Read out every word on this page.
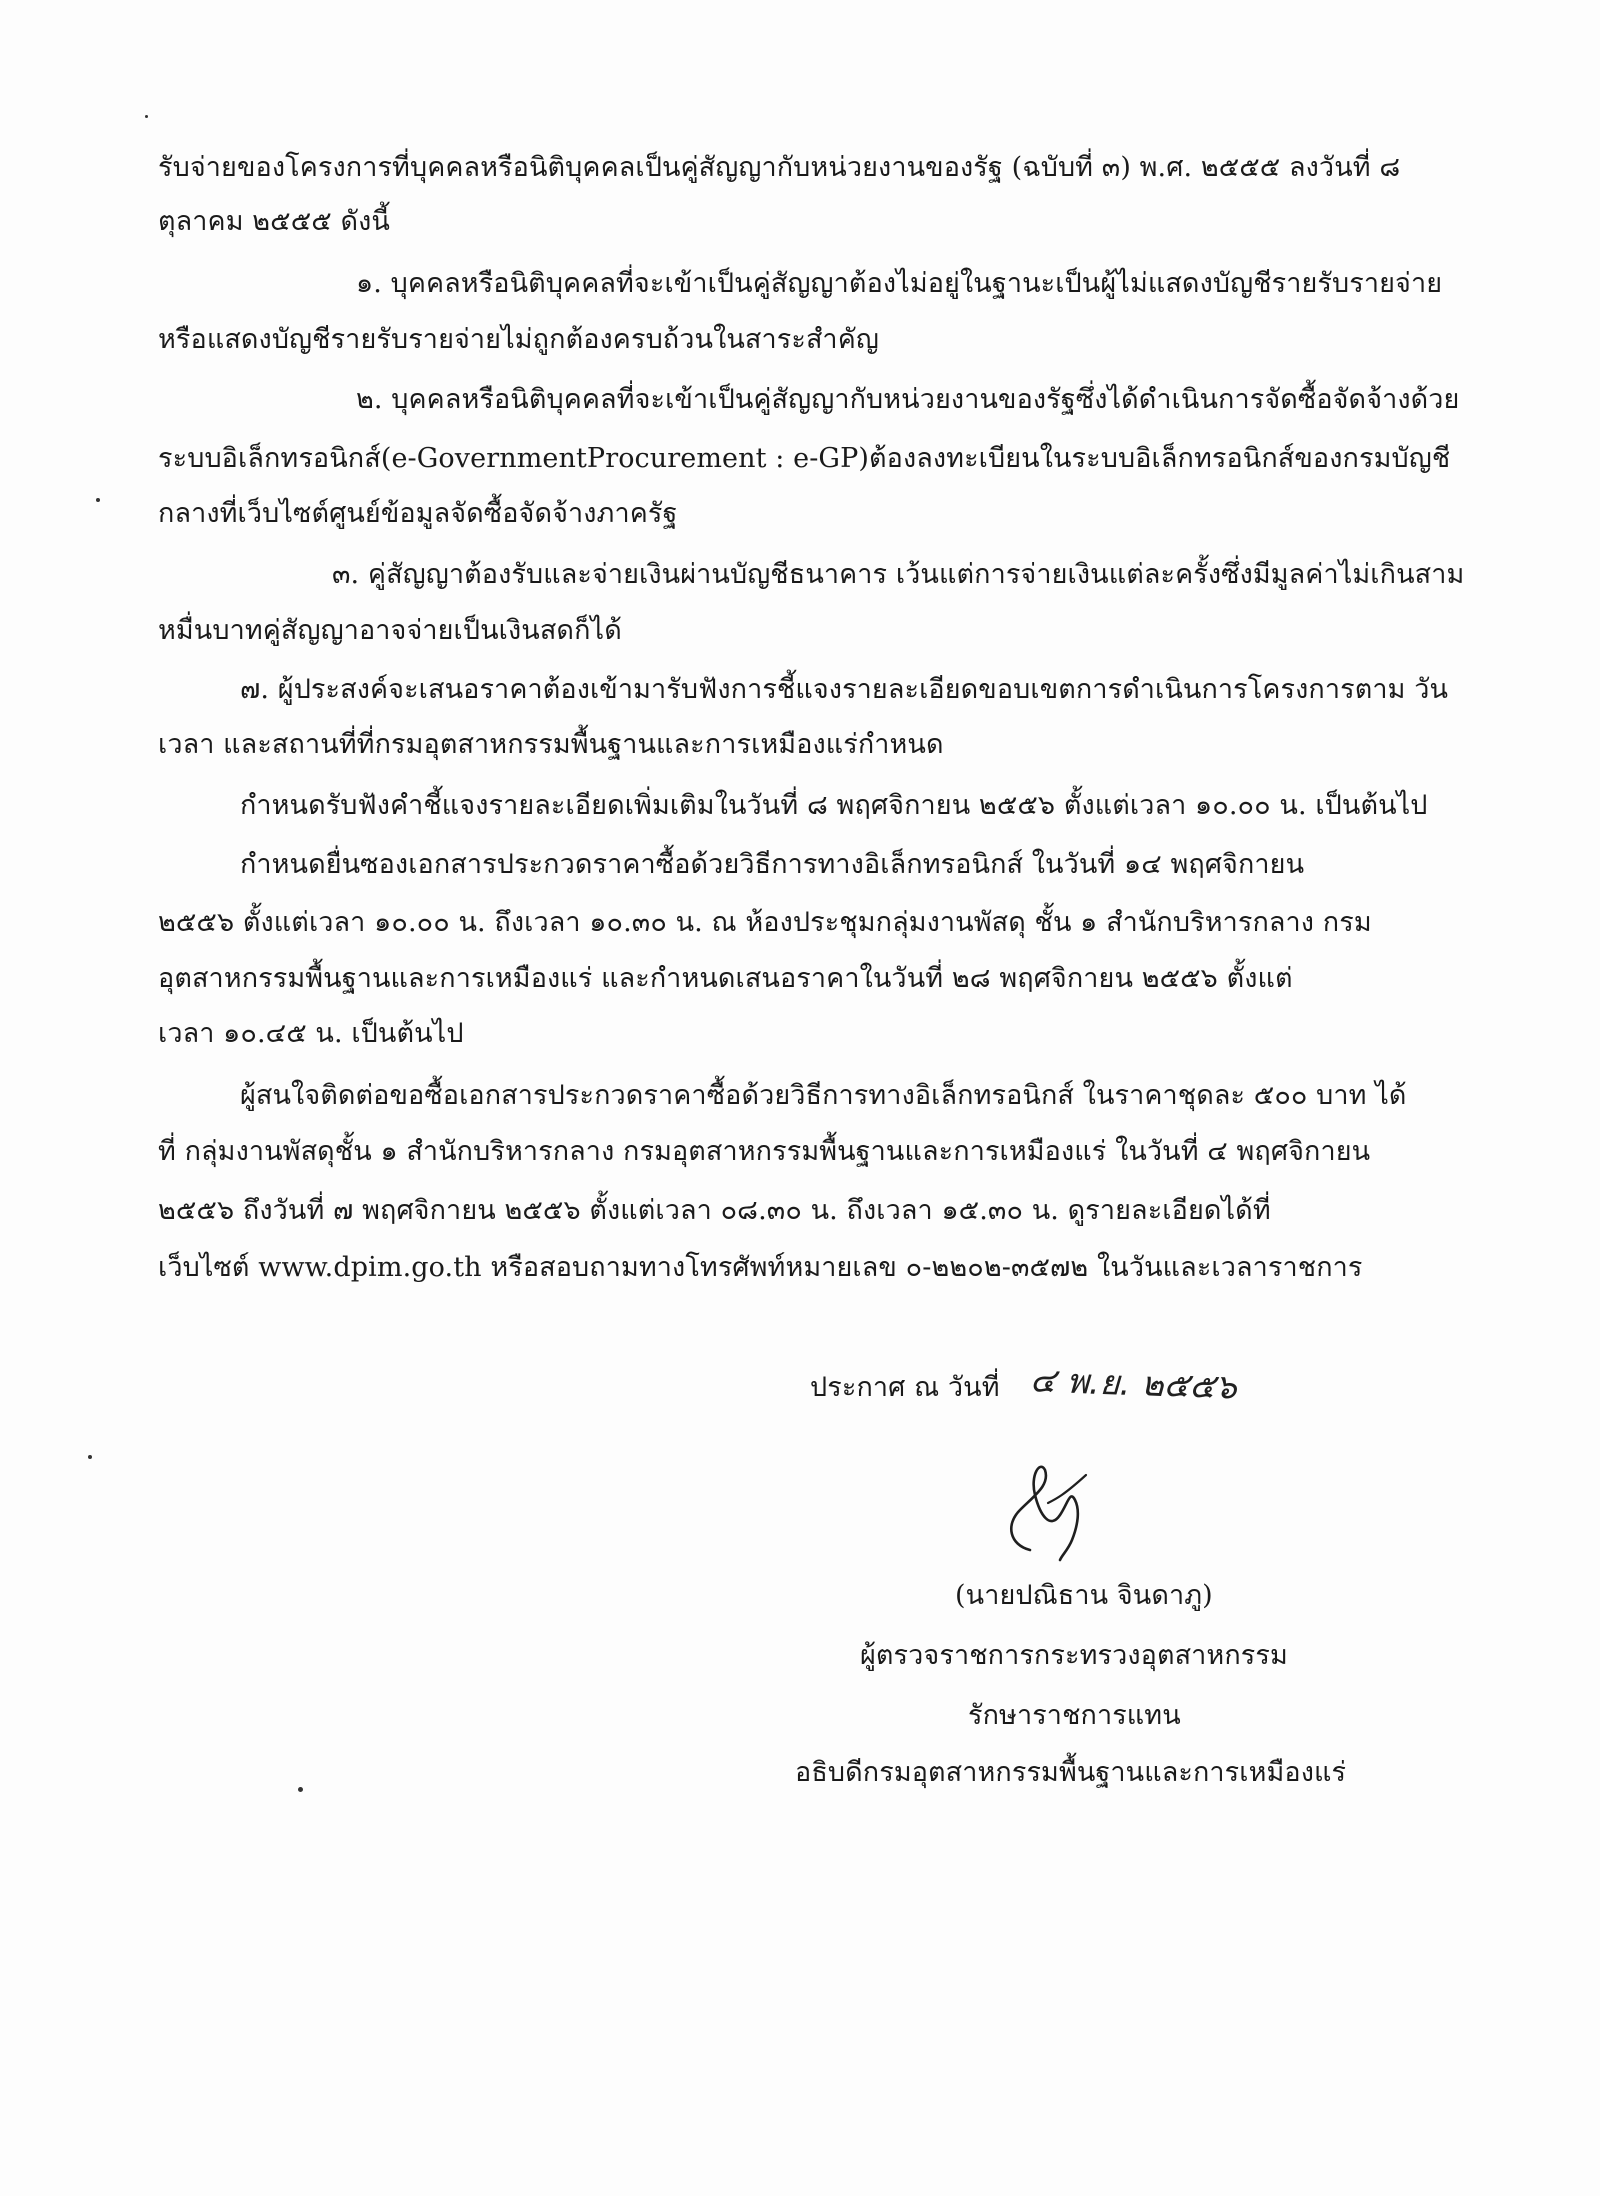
รับจ่ายของโครงการที่บุคคลหรือนิติบุคคลเป็นคู่สัญญากับหน่วยงานของรัฐ (ฉบับที่ ๓) พ.ศ. ๒๕๕๕ ลงวันที่ ๘
ตุลาคม ๒๕๕๕ ดังนี้
๑. บุคคลหรือนิติบุคคลที่จะเข้าเป็นคู่สัญญาต้องไม่อยู่ในฐานะเป็นผู้ไม่แสดงบัญชีรายรับรายจ่าย
หรือแสดงบัญชีรายรับรายจ่ายไม่ถูกต้องครบถ้วนในสาระสำคัญ
๒. บุคคลหรือนิติบุคคลที่จะเข้าเป็นคู่สัญญากับหน่วยงานของรัฐซึ่งได้ดำเนินการจัดซื้อจัดจ้างด้วย
ระบบอิเล็กทรอนิกส์(e-GovernmentProcurement : e-GP)ต้องลงทะเบียนในระบบอิเล็กทรอนิกส์ของกรมบัญชี
กลางที่เว็บไซต์ศูนย์ข้อมูลจัดซื้อจัดจ้างภาครัฐ
๓. คู่สัญญาต้องรับและจ่ายเงินผ่านบัญชีธนาคาร เว้นแต่การจ่ายเงินแต่ละครั้งซึ่งมีมูลค่าไม่เกินสาม
หมื่นบาทคู่สัญญาอาจจ่ายเป็นเงินสดก็ได้
๗. ผู้ประสงค์จะเสนอราคาต้องเข้ามารับฟังการชี้แจงรายละเอียดขอบเขตการดำเนินการโครงการตาม วัน
เวลา และสถานที่ที่กรมอุตสาหกรรมพื้นฐานและการเหมืองแร่กำหนด
กำหนดรับฟังคำชี้แจงรายละเอียดเพิ่มเติมในวันที่ ๘ พฤศจิกายน ๒๕๕๖ ตั้งแต่เวลา ๑๐.๐๐ น. เป็นต้นไป
กำหนดยื่นซองเอกสารประกวดราคาซื้อด้วยวิธีการทางอิเล็กทรอนิกส์ ในวันที่ ๑๔ พฤศจิกายน
๒๕๕๖ ตั้งแต่เวลา ๑๐.๐๐ น. ถึงเวลา ๑๐.๓๐ น. ณ ห้องประชุมกลุ่มงานพัสดุ ชั้น ๑ สำนักบริหารกลาง กรม
อุตสาหกรรมพื้นฐานและการเหมืองแร่ และกำหนดเสนอราคาในวันที่ ๒๘ พฤศจิกายน ๒๕๕๖ ตั้งแต่
เวลา ๑๐.๔๕ น. เป็นต้นไป
ผู้สนใจติดต่อขอซื้อเอกสารประกวดราคาซื้อด้วยวิธีการทางอิเล็กทรอนิกส์ ในราคาชุดละ ๕๐๐ บาท ได้
ที่ กลุ่มงานพัสดุชั้น ๑ สำนักบริหารกลาง กรมอุตสาหกรรมพื้นฐานและการเหมืองแร่ ในวันที่ ๔ พฤศจิกายน
๒๕๕๖ ถึงวันที่ ๗ พฤศจิกายน ๒๕๕๖ ตั้งแต่เวลา ๐๘.๓๐ น. ถึงเวลา ๑๕.๓๐ น. ดูรายละเอียดได้ที่
เว็บไซต์ www.dpim.go.th หรือสอบถามทางโทรศัพท์หมายเลข ๐-๒๒๐๒-๓๕๗๒ ในวันและเวลาราชการ
ประกาศ ณ วันที่ ๔ พ.ย. ๒๕๕๖
(นายปณิธาน จินดาภู)
ผู้ตรวจราชการกระทรวงอุตสาหกรรม
รักษาราชการแทน
อธิบดีกรมอุตสาหกรรมพื้นฐานและการเหมืองแร่
